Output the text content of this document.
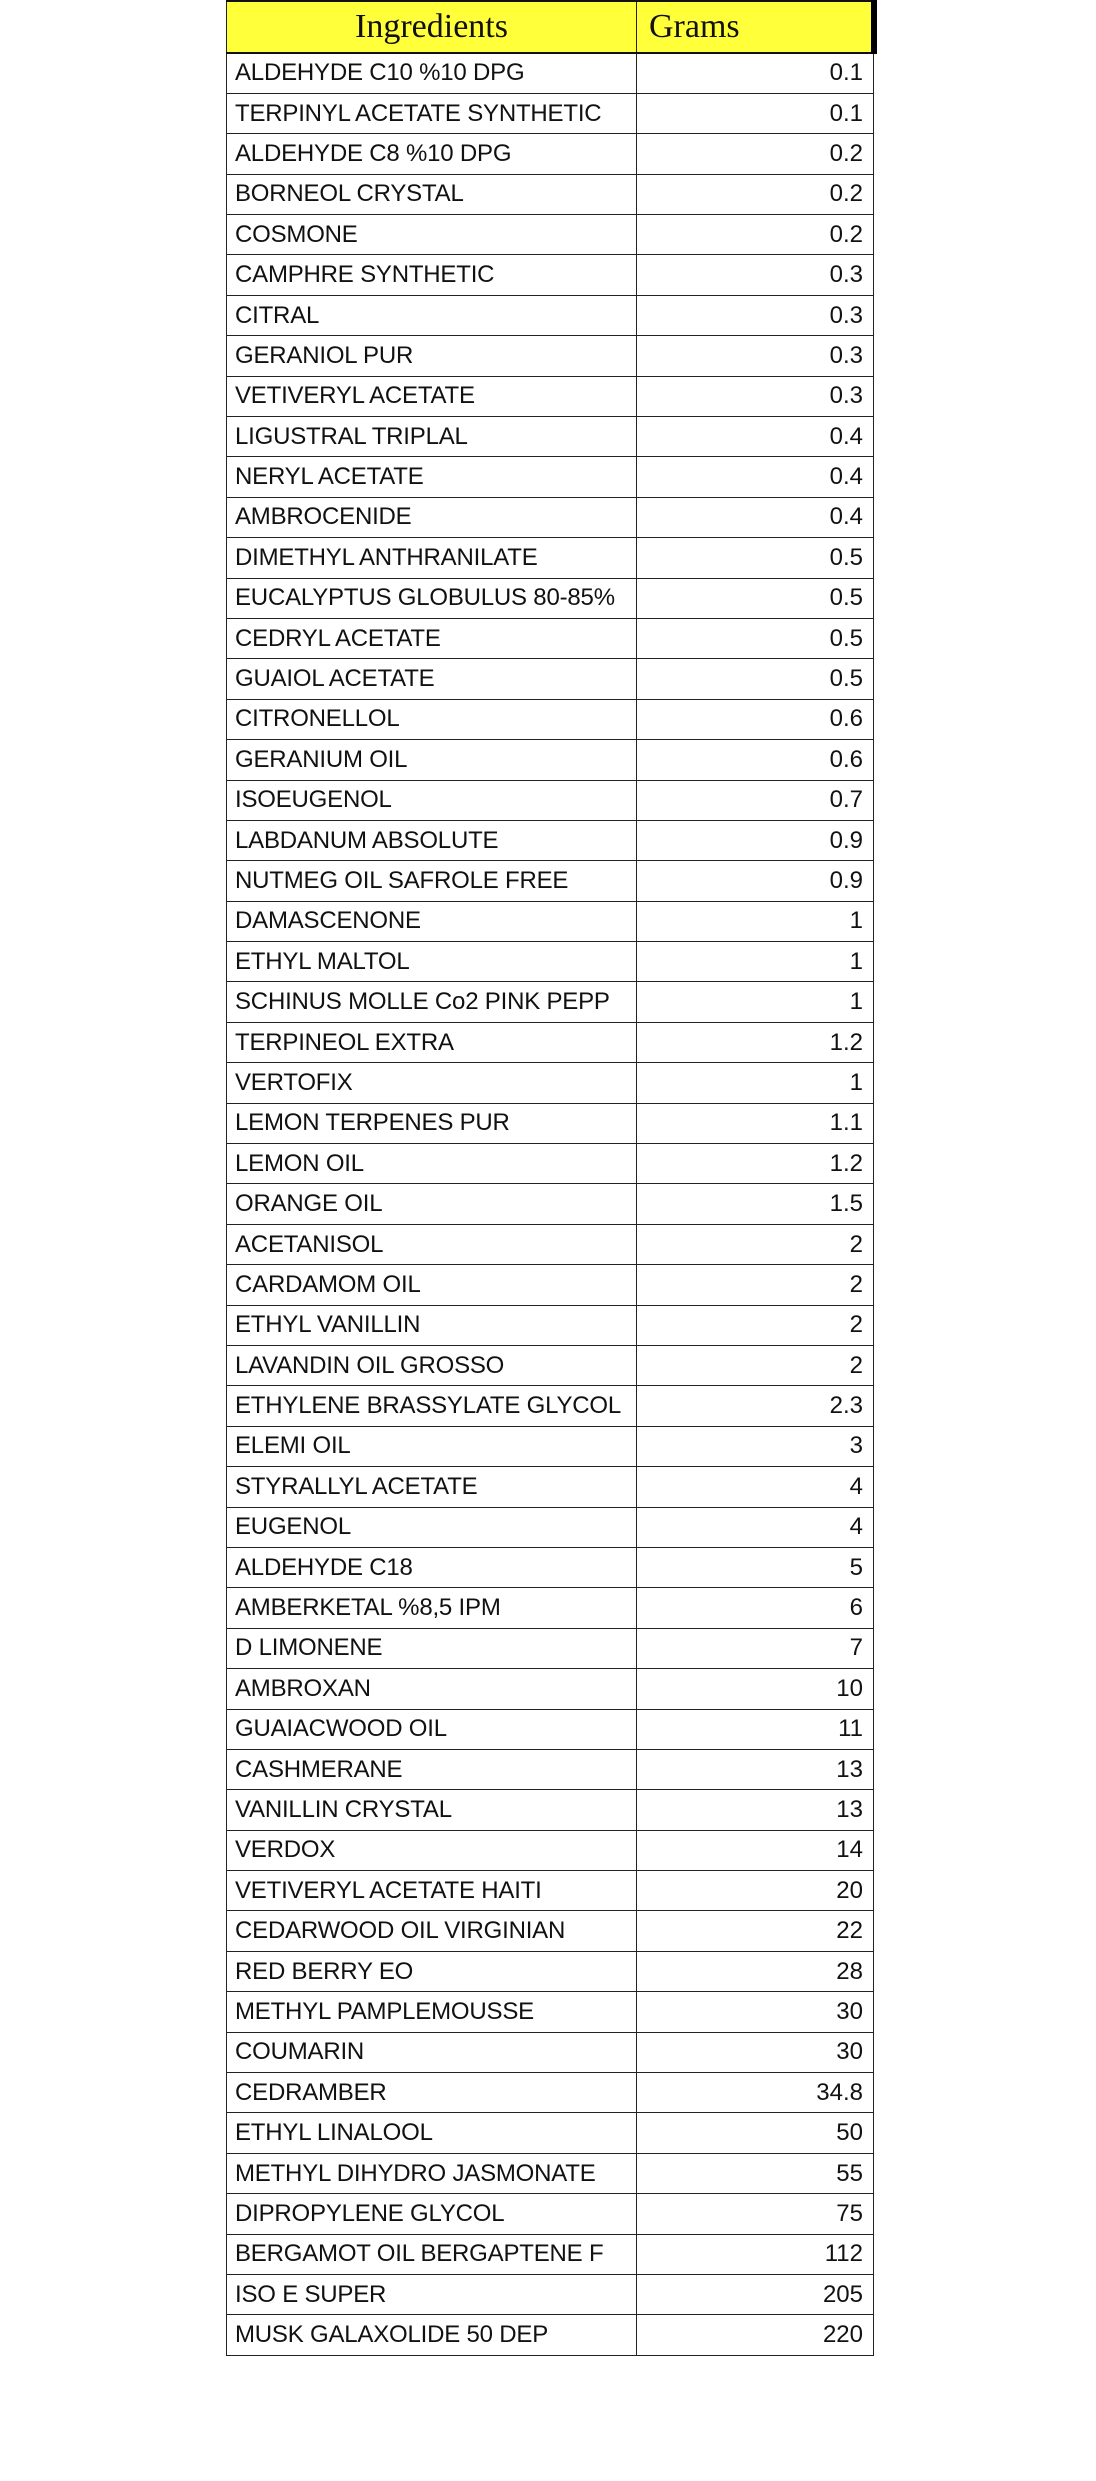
Ingredients	Grams
ALDEHYDE C10 %10 DPG	0.1
TERPINYL ACETATE SYNTHETIC	0.1
ALDEHYDE C8 %10 DPG	0.2
BORNEOL CRYSTAL	0.2
COSMONE	0.2
CAMPHRE SYNTHETIC	0.3
CITRAL	0.3
GERANIOL PUR	0.3
VETIVERYL ACETATE	0.3
LIGUSTRAL TRIPLAL	0.4
NERYL ACETATE	0.4
AMBROCENIDE	0.4
DIMETHYL ANTHRANILATE	0.5
EUCALYPTUS GLOBULUS 80-85%	0.5
CEDRYL ACETATE	0.5
GUAIOL ACETATE	0.5
CITRONELLOL	0.6
GERANIUM OIL	0.6
ISOEUGENOL	0.7
LABDANUM ABSOLUTE	0.9
NUTMEG OIL SAFROLE FREE	0.9
DAMASCENONE	1
ETHYL MALTOL	1
SCHINUS MOLLE Co2 PINK PEPP	1
TERPINEOL EXTRA	1.2
VERTOFIX	1
LEMON TERPENES PUR	1.1
LEMON OIL	1.2
ORANGE OIL	1.5
ACETANISOL	2
CARDAMOM OIL	2
ETHYL VANILLIN	2
LAVANDIN OIL GROSSO	2
ETHYLENE BRASSYLATE GLYCOL	2.3
ELEMI OIL	3
STYRALLYL ACETATE	4
EUGENOL	4
ALDEHYDE C18	5
AMBERKETAL %8,5 IPM	6
D LIMONENE	7
AMBROXAN	10
GUAIACWOOD OIL	11
CASHMERANE	13
VANILLIN CRYSTAL	13
VERDOX	14
VETIVERYL ACETATE HAITI	20
CEDARWOOD OIL VIRGINIAN	22
RED BERRY EO	28
METHYL PAMPLEMOUSSE	30
COUMARIN	30
CEDRAMBER	34.8
ETHYL LINALOOL	50
METHYL DIHYDRO JASMONATE	55
DIPROPYLENE GLYCOL	75
BERGAMOT OIL BERGAPTENE F	112
ISO E SUPER	205
MUSK GALAXOLIDE 50 DEP	220
